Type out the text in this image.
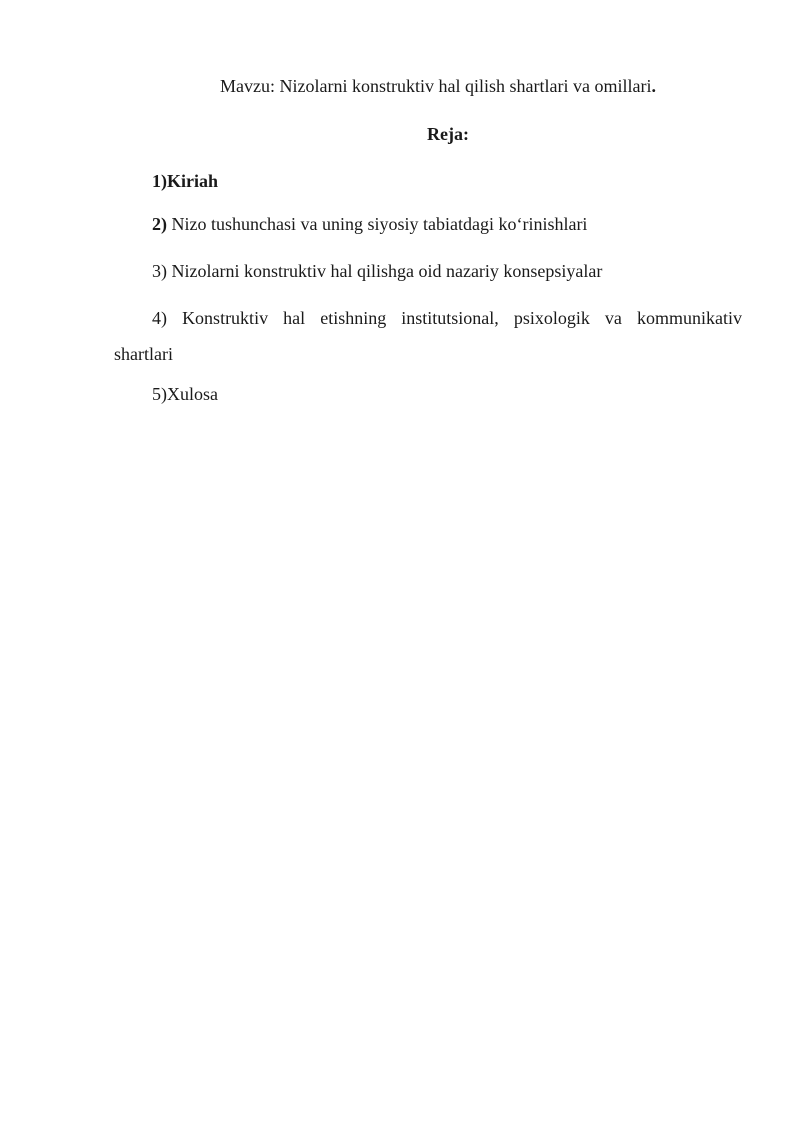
Mavzu: Nizolarni konstruktiv hal qilish shartlari va omillari.
Reja:
1)Kiriah
2) Nizo tushunchasi va uning siyosiy tabiatdagi ko‘rinishlari
3) Nizolarni konstruktiv hal qilishga oid nazariy konsepsiyalar
4) Konstruktiv hal etishning institutsional, psixologik va kommunikativ
shartlari
5)Xulosa
